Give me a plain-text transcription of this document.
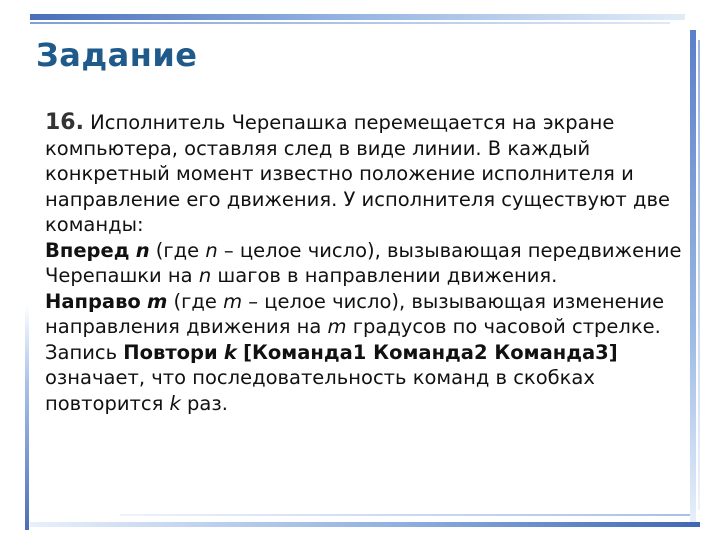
Задание

16. Исполнитель Черепашка перемещается на экране компьютера, оставляя след в виде линии. В каждый конкретный момент известно положение исполнителя и направление его движения. У исполнителя существуют две команды:

Вперед n (где n – целое число), вызывающая передвижение Черепашки на n шагов в направлении движения.

Направо m (где m – целое число), вызывающая изменение направления движения на m градусов по часовой стрелке.

Запись Повтори k [Команда1 Команда2 Команда3] означает, что последовательность команд в скобках повторится k раз.
